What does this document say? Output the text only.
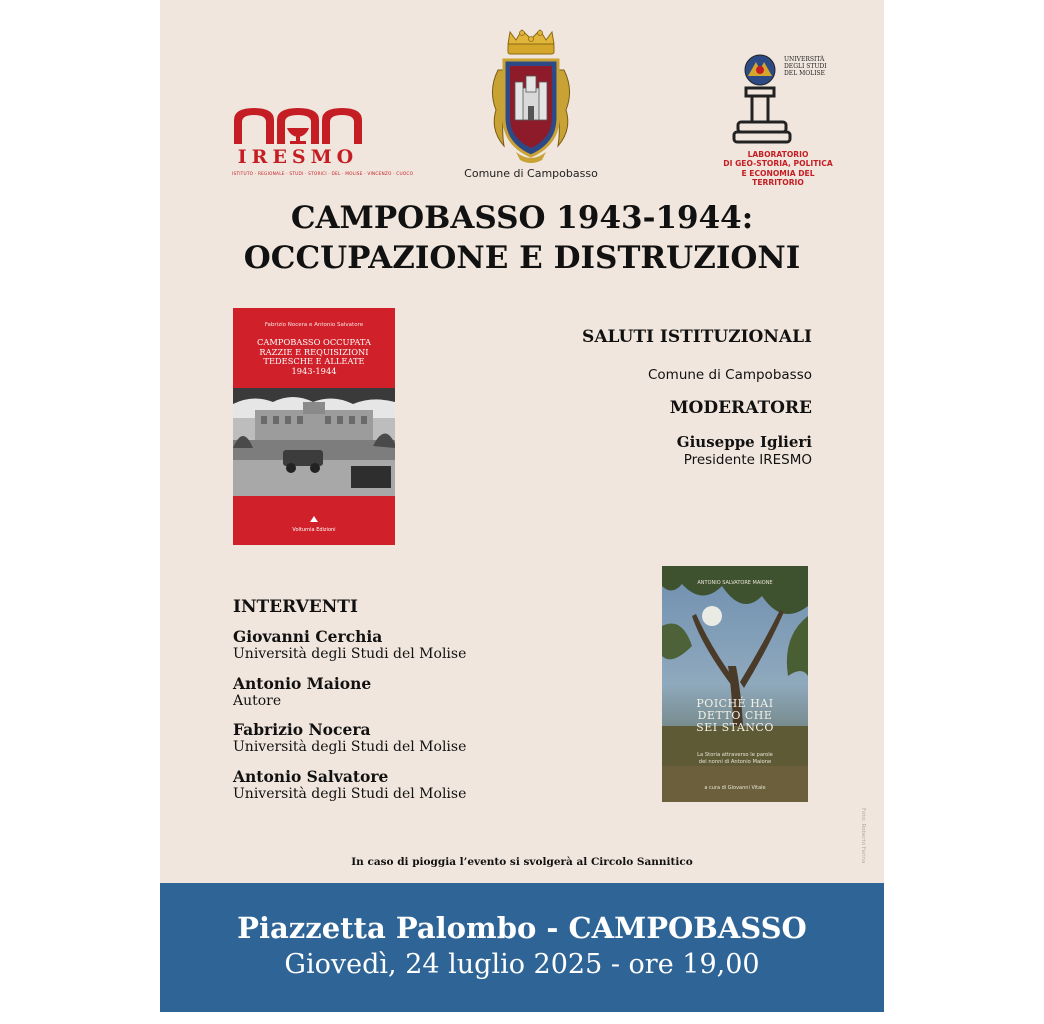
IRESMO
ISTITUTO · REGIONALE · STUDI · STORICI · DEL · MOLISE · VINCENZO · CUOCO	Comune di Campobasso
UNIVERSITÀ
DEGLI STUDI
DEL MOLISE
LABORATORIO
DI GEO-STORIA, POLITICA
E ECONOMIA DEL TERRITORIO
CAMPOBASSO 1943-1944:
OCCUPAZIONE E DISTRUZIONI
Fabrizio Nocera e Antonio Salvatore
CAMPOBASSO OCCUPATA
RAZZIE E REQUISIZIONI
TEDESCHE E ALLEATE
1943-1944
Volturnia Edizioni
SALUTI ISTITUZIONALI
Comune di Campobasso
MODERATORE
Giuseppe Iglieri
Presidente IRESMO
INTERVENTI
Giovanni Cerchia
Università degli Studi del Molise
Antonio Maione
Autore
Fabrizio Nocera
Università degli Studi del Molise
Antonio Salvatore
Università degli Studi del Molise
ANTONIO SALVATORE MAIONE
POICHÉ HAI
DETTO CHE
SEI STANCO
La Storia attraverso le parole
dei nonni di Antonio Maione
a cura di Giovanni Vitale
In caso di pioggia l’evento si svolgerà al Circolo Sannitico	Foto: Roberto Farina
Piazzetta Palombo - CAMPOBASSO
Giovedì, 24 luglio 2025 - ore 19,00
